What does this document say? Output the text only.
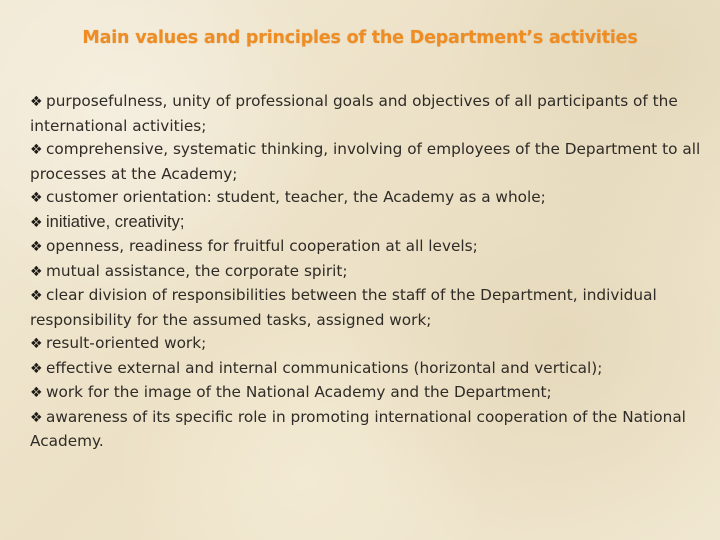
Main values and principles of the Department’s activities
❖ purposefulness, unity of professional goals and objectives of all participants of the international activities;
❖ comprehensive, systematic thinking, involving of employees of the Department to all processes at the Academy;
❖ customer orientation: student, teacher, the Academy as a whole;
❖ initiative, creativity;
❖ openness, readiness for fruitful cooperation at all levels;
❖ mutual assistance, the corporate spirit;
❖ clear division of responsibilities between the staff of the Department, individual responsibility for the assumed tasks, assigned work;
❖ result-oriented work;
❖ effective external and internal communications (horizontal and vertical);
❖ work for the image of the National Academy and the Department;
❖ awareness of its specific role in promoting international cooperation of the National Academy.
